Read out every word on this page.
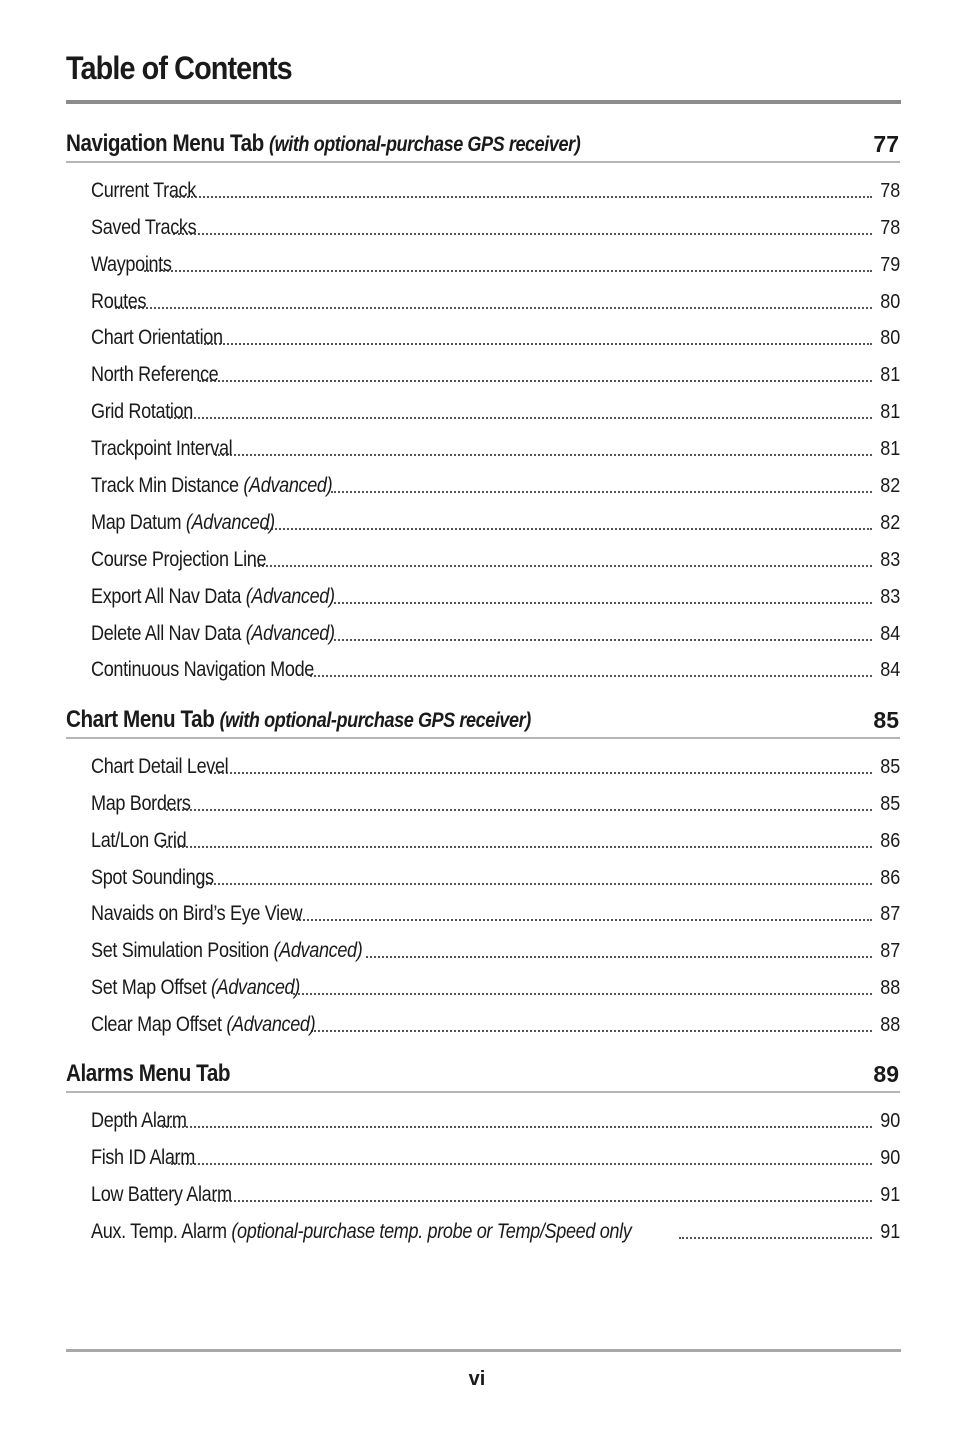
Table of Contents
Navigation Menu Tab (with optional-purchase GPS receiver)	77
Current Track	78
Saved Tracks	78
Waypoints	79
Routes	80
Chart Orientation	80
North Reference	81
Grid Rotation	81
Trackpoint Interval	81
Track Min Distance (Advanced)	82
Map Datum (Advanced)	82
Course Projection Line	83
Export All Nav Data (Advanced)	83
Delete All Nav Data (Advanced)	84
Continuous Navigation Mode	84
Chart Menu Tab (with optional-purchase GPS receiver)	85
Chart Detail Level	85
Map Borders	85
Lat/Lon Grid	86
Spot Soundings	86
Navaids on Bird’s Eye View	87
Set Simulation Position (Advanced)	87
Set Map Offset (Advanced)	88
Clear Map Offset (Advanced)	88
Alarms Menu Tab	89
Depth Alarm	90
Fish ID Alarm	90
Low Battery Alarm	91
Aux. Temp. Alarm (optional-purchase temp. probe or Temp/Speed only	91
vi
